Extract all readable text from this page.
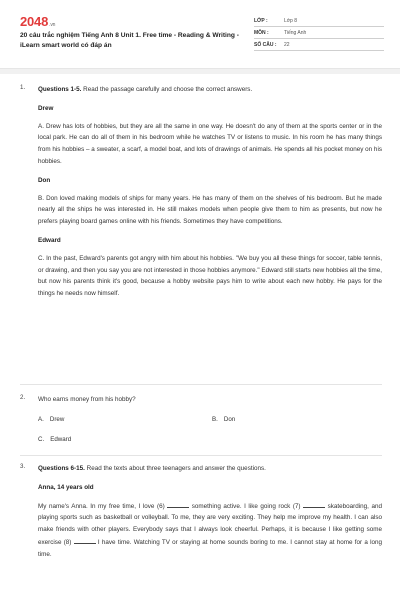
2048.vn
20 câu trắc nghiệm Tiếng Anh 8 Unit 1. Free time - Reading & Writing - iLearn smart world có đáp án
LỚP :	Lớp 8
MÔN :	Tiếng Anh
SỐ CÂU :	22
1. Questions 1-5. Read the passage carefully and choose the correct answers.
Drew
A. Drew has lots of hobbies, but they are all the same in one way. He doesn't do any of them at the sports center or in the local park. He can do all of them in his bedroom while he watches TV or listens to music. In his room he has many things from his hobbies – a sweater, a scarf, a model boat, and lots of drawings of animals. He spends all his pocket money on his hobbies.
Don
B. Don loved making models of ships for many years. He has many of them on the shelves of his bedroom. But he made nearly all the ships he was interested in. He still makes models when people give them to him as presents, but now he prefers playing board games online with his friends. Sometimes they have competitions.
Edward
C. In the past, Edward's parents got angry with him about his hobbies. "We buy you all these things for soccer, table tennis, or drawing, and then you say you are not interested in those hobbies anymore." Edward still starts new hobbies all the time, but now his parents think it's good, because a hobby website pays him to write about each new hobby. He pays for the things he needs now himself.
2. Who earns money from his hobby?
A. Drew	B. Don
C. Edward
3. Questions 6-15. Read the texts about three teenagers and answer the questions.
Anna, 14 years old
My name's Anna. In my free time, I love (6)	something active. I like going rock (7)	skateboarding, and playing sports such as basketball or volleyball. To me, they are very exciting. They help me improve my health. I can also make friends with other players. Everybody says that I always look cheerful. Perhaps, it is because I like getting some exercise (8)	I have time. Watching TV or staying at home sounds boring to me. I cannot stay at home for a long time.
